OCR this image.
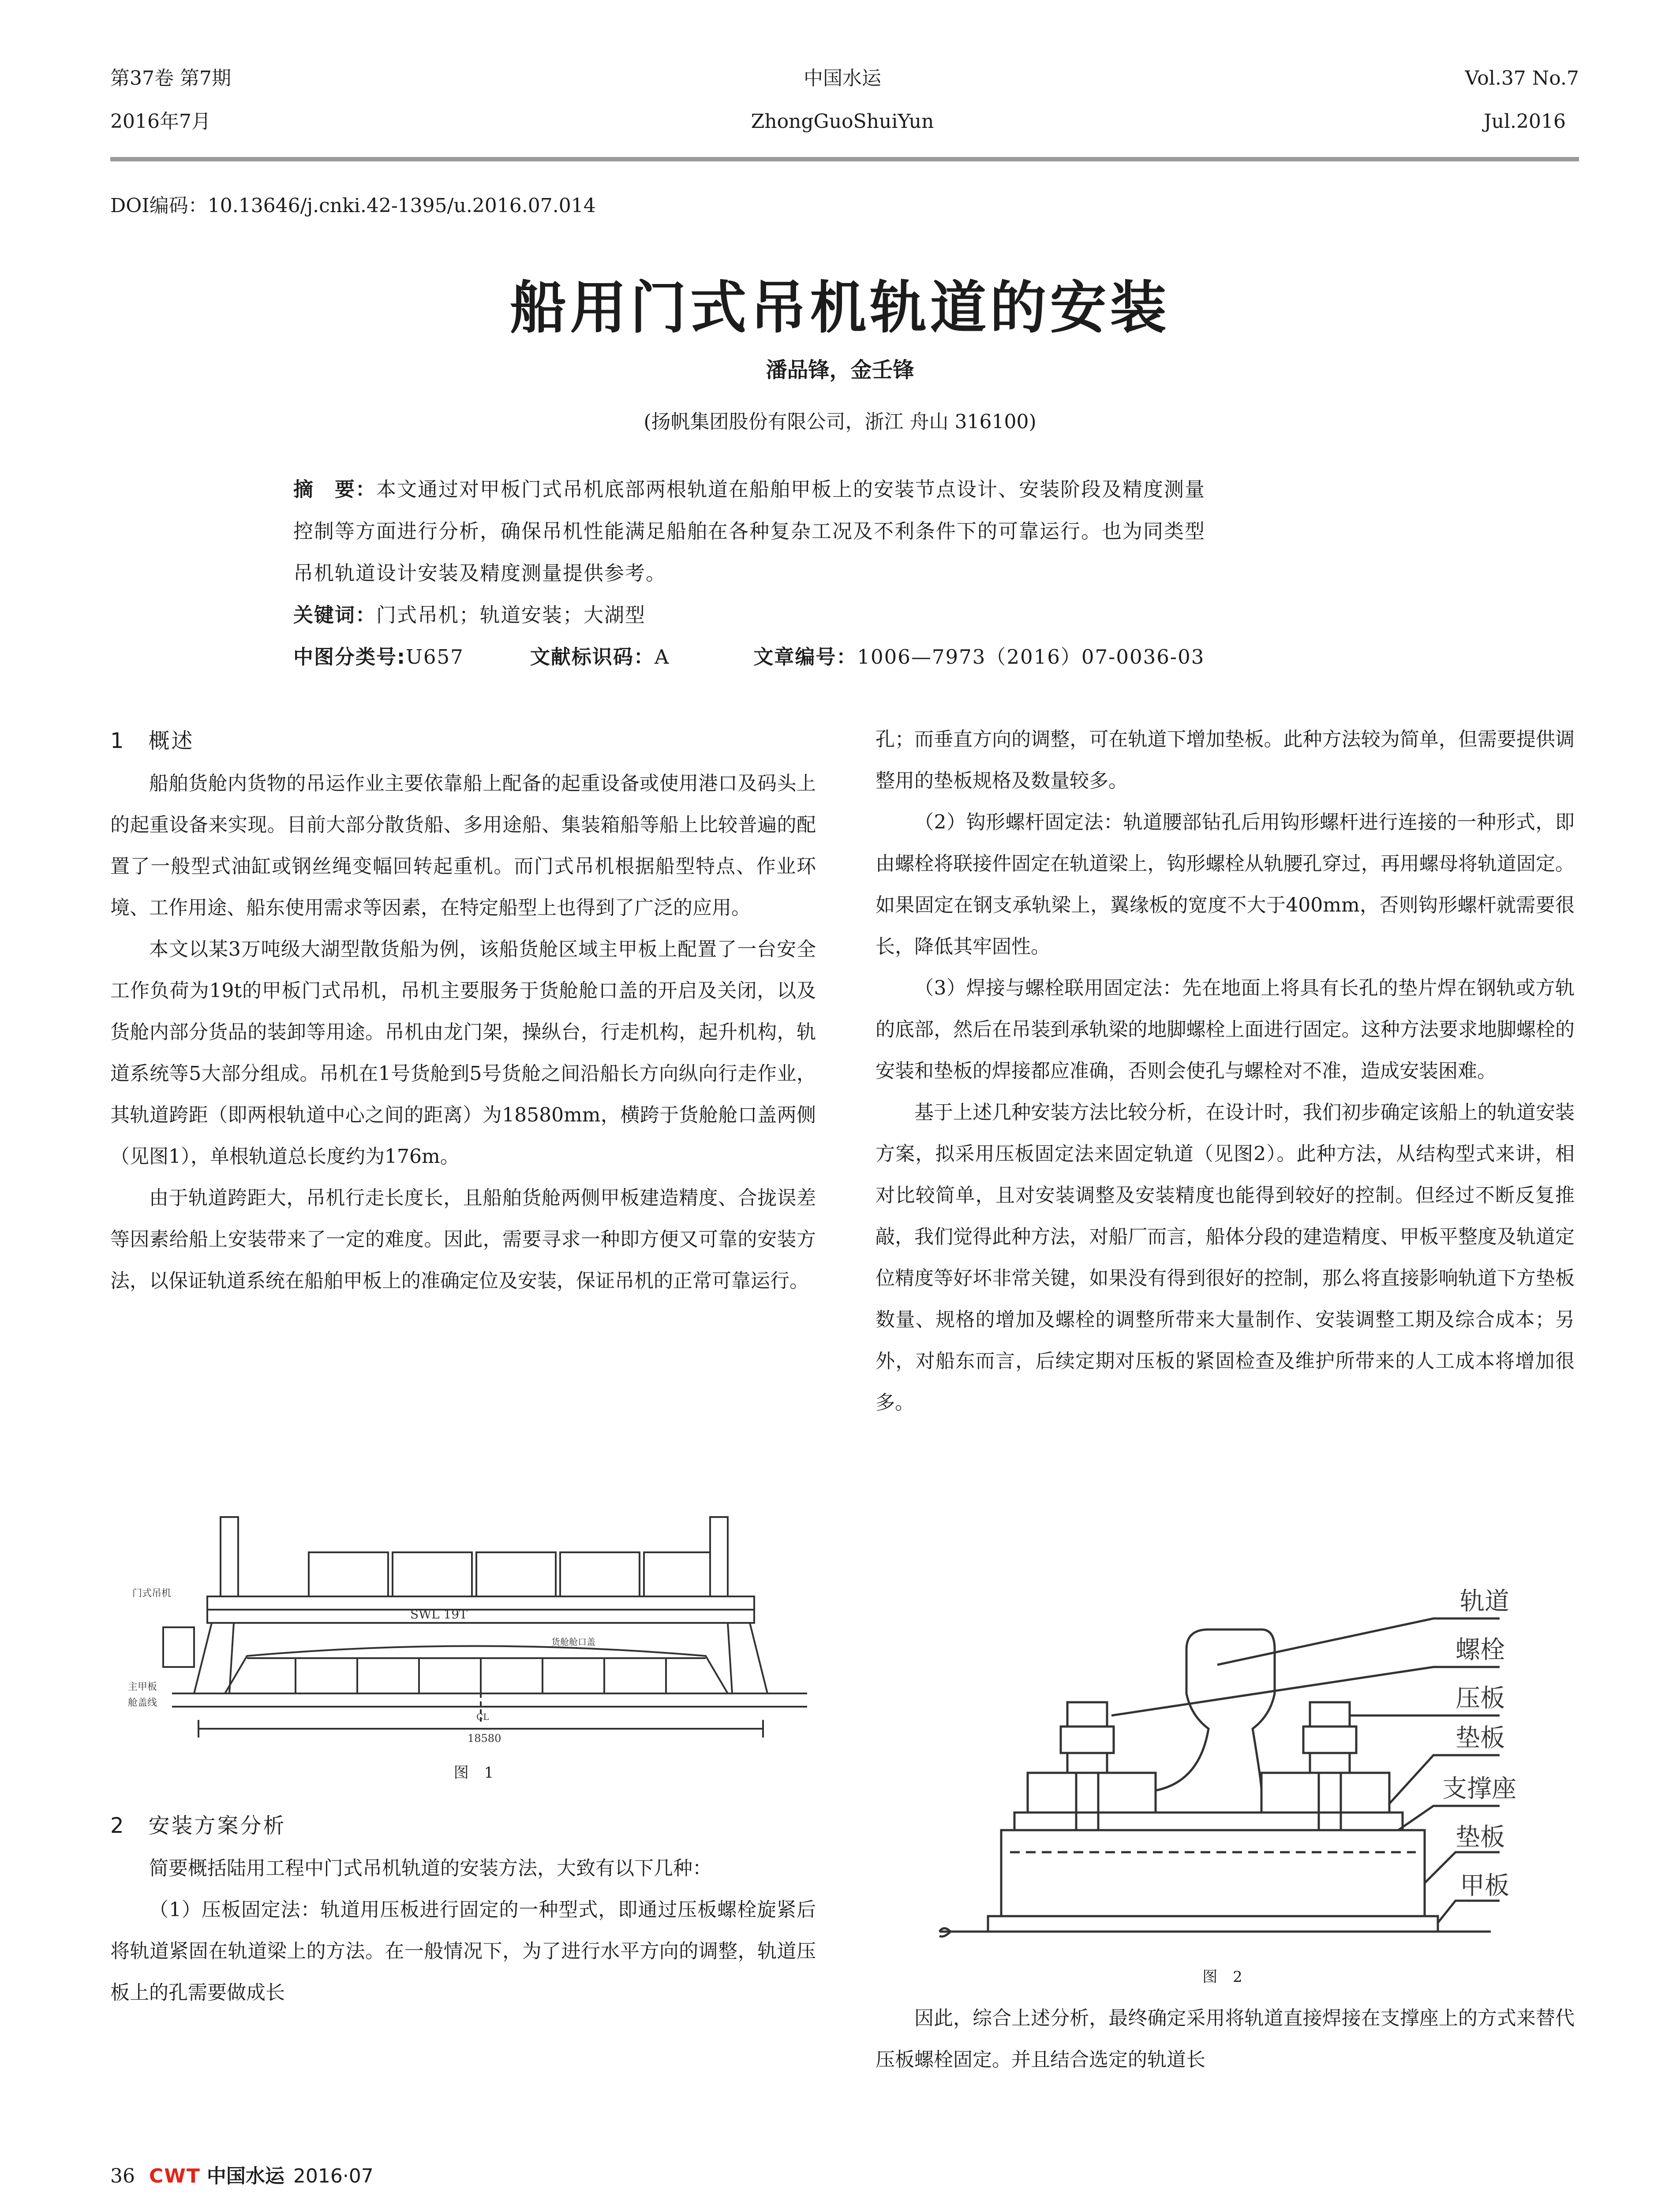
第37卷 第7期
2016年7月
中国水运
ZhongGuoShuiYun
Vol.37 No.7
Jul.2016
DOI编码：10.13646/j.cnki.42-1395/u.2016.07.014
船用门式吊机轨道的安装
潘品锋，金壬锋
(扬帆集团股份有限公司，浙江 舟山 316100)
摘　要：本文通过对甲板门式吊机底部两根轨道在船舶甲板上的安装节点设计、安装阶段及精度测量
控制等方面进行分析，确保吊机性能满足船舶在各种复杂工况及不利条件下的可靠运行。也为同类型
吊机轨道设计安装及精度测量提供参考。
关键词：门式吊机；轨道安装；大湖型
中图分类号:U657	文献标识码：A	文章编号：1006—7973（2016）07-0036-03
1　概述

船舶货舱内货物的吊运作业主要依靠船上配备的起重设备或使用港口及码头上的起重设备来实现。目前大部分散货船、多用途船、集装箱船等船上比较普遍的配置了一般型式油缸或钢丝绳变幅回转起重机。而门式吊机根据船型特点、作业环境、工作用途、船东使用需求等因素，在特定船型上也得到了广泛的应用。

本文以某3万吨级大湖型散货船为例，该船货舱区域主甲板上配置了一台安全工作负荷为19t的甲板门式吊机，吊机主要服务于货舱舱口盖的开启及关闭，以及货舱内部分货品的装卸等用途。吊机由龙门架，操纵台，行走机构，起升机构，轨道系统等5大部分组成。吊机在1号货舱到5号货舱之间沿船长方向纵向行走作业，其轨道跨距（即两根轨道中心之间的距离）为18580mm，横跨于货舱舱口盖两侧（见图1），单根轨道总长度约为176m。

由于轨道跨距大，吊机行走长度长，且船舶货舱两侧甲板建造精度、合拢误差等因素给船上安装带来了一定的难度。因此，需要寻求一种即方便又可靠的安装方法，以保证轨道系统在船舶甲板上的准确定位及安装，保证吊机的正常可靠运行。

门式吊机
主甲板
舱盖线
SWL 19T
货舱舱口盖
CL
18580
图 1
2　安装方案分析

简要概括陆用工程中门式吊机轨道的安装方法，大致有以下几种：

（1）压板固定法：轨道用压板进行固定的一种型式，即通过压板螺栓旋紧后将轨道紧固在轨道梁上的方法。在一般情况下，为了进行水平方向的调整，轨道压板上的孔需要做成长

孔；而垂直方向的调整，可在轨道下增加垫板。此种方法较为简单，但需要提供调整用的垫板规格及数量较多。

（2）钩形螺杆固定法：轨道腰部钻孔后用钩形螺杆进行连接的一种形式，即由螺栓将联接件固定在轨道梁上，钩形螺栓从轨腰孔穿过，再用螺母将轨道固定。如果固定在钢支承轨梁上，翼缘板的宽度不大于400mm，否则钩形螺杆就需要很长，降低其牢固性。

（3）焊接与螺栓联用固定法：先在地面上将具有长孔的垫片焊在钢轨或方轨的底部，然后在吊装到承轨梁的地脚螺栓上面进行固定。这种方法要求地脚螺栓的安装和垫板的焊接都应准确，否则会使孔与螺栓对不准，造成安装困难。

基于上述几种安装方法比较分析，在设计时，我们初步确定该船上的轨道安装方案，拟采用压板固定法来固定轨道（见图2）。此种方法，从结构型式来讲，相对比较简单，且对安装调整及安装精度也能得到较好的控制。但经过不断反复推敲，我们觉得此种方法，对船厂而言，船体分段的建造精度、甲板平整度及轨道定位精度等好坏非常关键，如果没有得到很好的控制，那么将直接影响轨道下方垫板数量、规格的增加及螺栓的调整所带来大量制作、安装调整工期及综合成本；另外，对船东而言，后续定期对压板的紧固检查及维护所带来的人工成本将增加很多。

轨道
螺栓
压板
垫板
支撑座
垫板
甲板
图 2

因此，综合上述分析，最终确定采用将轨道直接焊接在支撑座上的方式来替代压板螺栓固定。并且结合选定的轨道长

36 CWT 中国水运 2016·07
